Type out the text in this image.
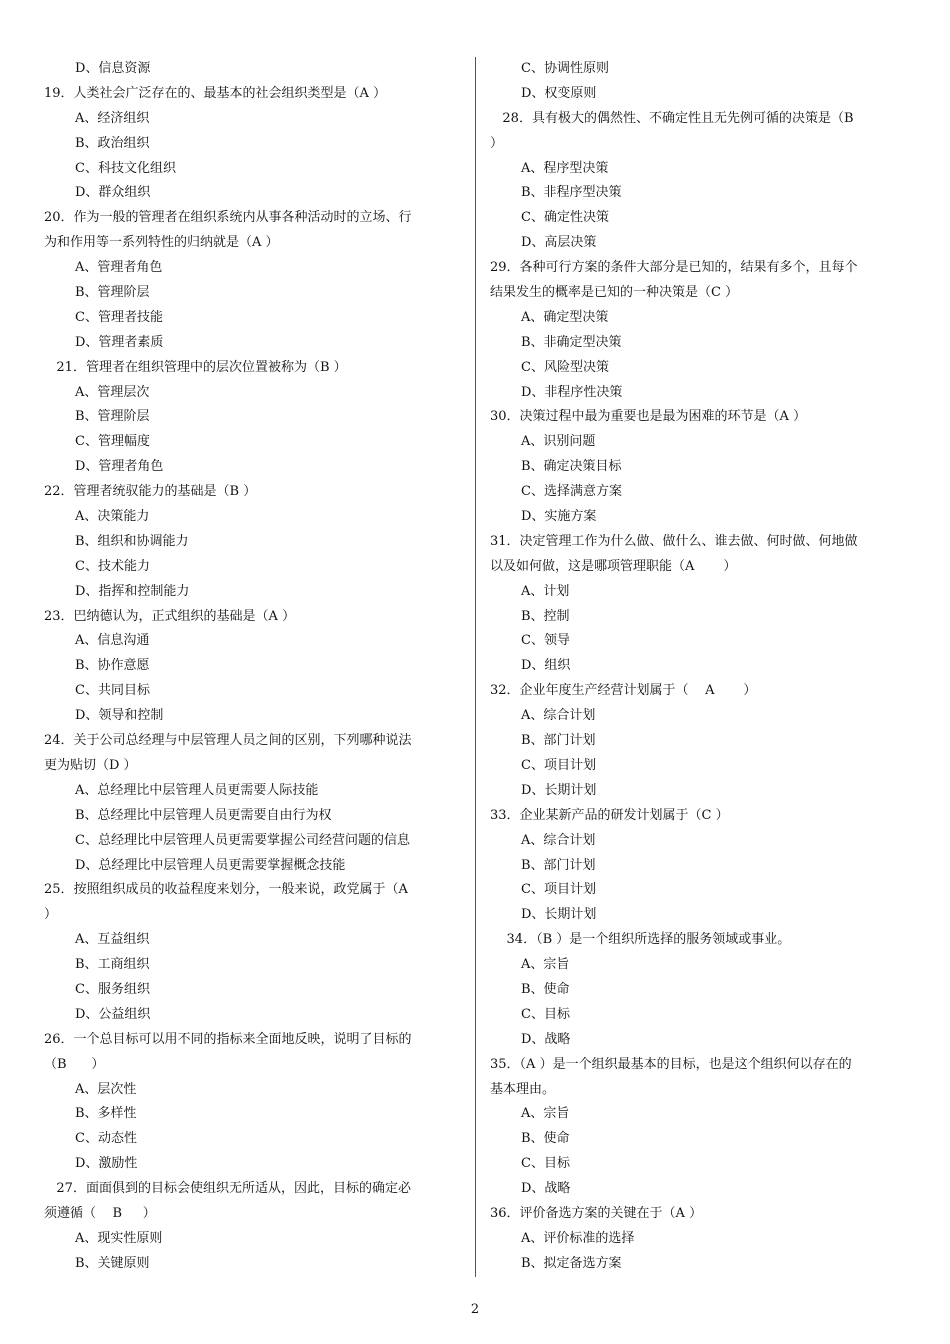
D、信息资源
19．人类社会广泛存在的、最基本的社会组织类型是（A ）
A、经济组织
B、政治组织
C、科技文化组织
D、群众组织
20．作为一般的管理者在组织系统内从事各种活动时的立场、行
为和作用等一系列特性的归纳就是（A ）
A、管理者角色
B、管理阶层
C、管理者技能
D、管理者素质
21．管理者在组织管理中的层次位置被称为（B ）
A、管理层次
B、管理阶层
C、管理幅度
D、管理者角色
22．管理者统驭能力的基础是（B ）
A、决策能力
B、组织和协调能力
C、技术能力
D、指挥和控制能力
23．巴纳德认为，正式组织的基础是（A ）
A、信息沟通
B、协作意愿
C、共同目标
D、领导和控制
24．关于公司总经理与中层管理人员之间的区别，下列哪种说法
更为贴切（D ）
A、总经理比中层管理人员更需要人际技能
B、总经理比中层管理人员更需要自由行为权
C、总经理比中层管理人员更需要掌握公司经营问题的信息
D、总经理比中层管理人员更需要掌握概念技能
25．按照组织成员的收益程度来划分，一般来说，政党属于（A
）
A、互益组织
B、工商组织
C、服务组织
D、公益组织
26．一个总目标可以用不同的指标来全面地反映，说明了目标的
（B      ）
A、层次性
B、多样性
C、动态性
D、激励性
27．面面俱到的目标会使组织无所适从，因此，目标的确定必
须遵循（    B     ）
A、现实性原则
B、关键原则
C、协调性原则
D、权变原则
28．具有极大的偶然性、不确定性且无先例可循的决策是（B
）
A、程序型决策
B、非程序型决策
C、确定性决策
D、高层决策
29．各种可行方案的条件大部分是已知的，结果有多个，且每个
结果发生的概率是已知的一种决策是（C ）
A、确定型决策
B、非确定型决策
C、风险型决策
D、非程序性决策
30．决策过程中最为重要也是最为困难的环节是（A ）
A、识别问题
B、确定决策目标
C、选择满意方案
D、实施方案
31．决定管理工作为什么做、做什么、谁去做、何时做、何地做
以及如何做，这是哪项管理职能（A       ）
A、计划
B、控制
C、领导
D、组织
32．企业年度生产经营计划属于（    A       ）
A、综合计划
B、部门计划
C、项目计划
D、长期计划
33．企业某新产品的研发计划属于（C ）
A、综合计划
B、部门计划
C、项目计划
D、长期计划
34．（B ）是一个组织所选择的服务领域或事业。
A、宗旨
B、使命
C、目标
D、战略
35．（A ）是一个组织最基本的目标，也是这个组织何以存在的
基本理由。
A、宗旨
B、使命
C、目标
D、战略
36．评价备选方案的关键在于（A ）
A、评价标准的选择
B、拟定备选方案
2
